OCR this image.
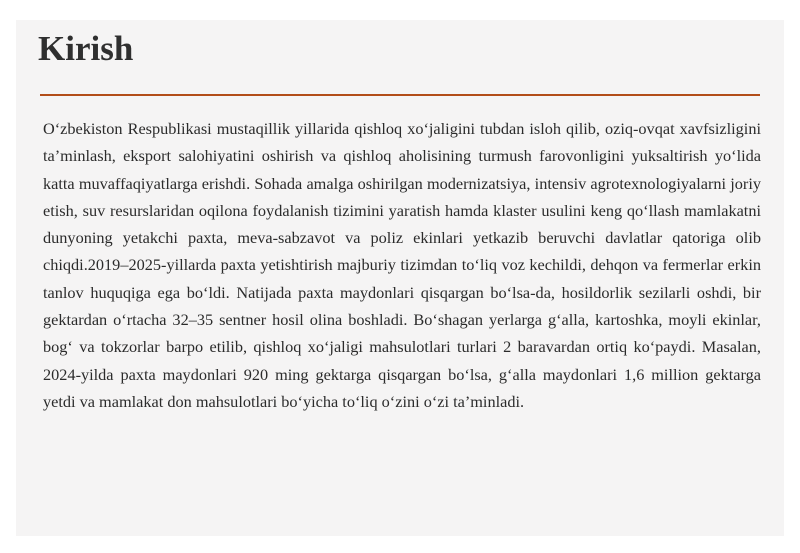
Kirish

O‘zbekiston Respublikasi mustaqillik yillarida qishloq xo‘jaligini tubdan isloh qilib, oziq-ovqat xavfsizligini ta’minlash, eksport salohiyatini oshirish va qishloq aholisining turmush farovonligini yuksaltirish yo‘lida katta muvaffaqiyatlarga erishdi. Sohada amalga oshirilgan modernizatsiya, intensiv agrotexnologiyalarni joriy etish, suv resurslaridan oqilona foydalanish tizimini yaratish hamda klaster usulini keng qo‘llash mamlakatni dunyoning yetakchi paxta, meva-sabzavot va poliz ekinlari yetkazib beruvchi davlatlar qatoriga olib chiqdi.2019–2025-yillarda paxta yetishtirish majburiy tizimdan to‘liq voz kechildi, dehqon va fermerlar erkin tanlov huquqiga ega bo‘ldi. Natijada paxta maydonlari qisqargan bo‘lsa-da, hosildorlik sezilarli oshdi, bir gektardan o‘rtacha 32–35 sentner hosil olina boshladi. Bo‘shagan yerlarga g‘alla, kartoshka, moyli ekinlar, bog‘ va tokzorlar barpo etilib, qishloq xo‘jaligi mahsulotlari turlari 2 baravardan ortiq ko‘paydi. Masalan, 2024-yilda paxta maydonlari 920 ming gektarga qisqargan bo‘lsa, g‘alla maydonlari 1,6 million gektarga yetdi va mamlakat don mahsulotlari bo‘yicha to‘liq o‘zini o‘zi ta’minladi.
